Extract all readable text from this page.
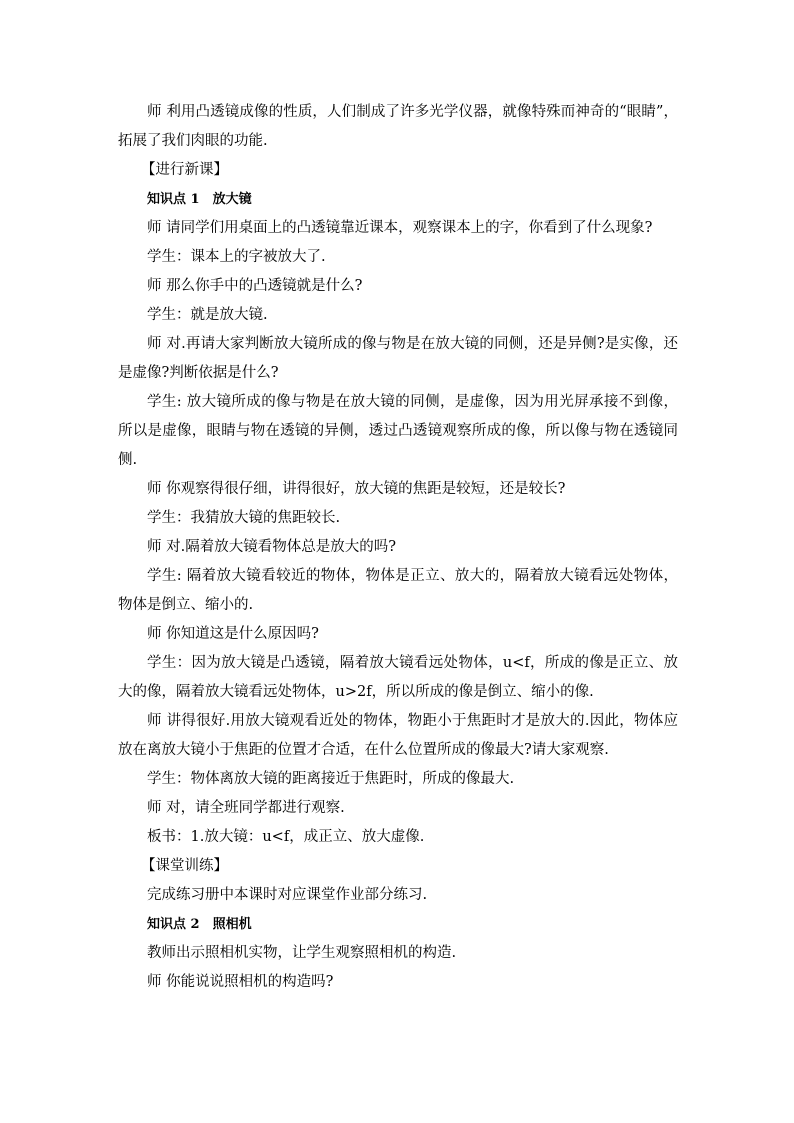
师 利用凸透镜成像的性质，人们制成了许多光学仪器，就像特殊而神奇的“眼睛”，拓展了我们肉眼的功能.

【进行新课】

知识点 1　放大镜

师 请同学们用桌面上的凸透镜靠近课本，观察课本上的字，你看到了什么现象?

学生：课本上的字被放大了.

师 那么你手中的凸透镜就是什么?

学生：就是放大镜.

师 对.再请大家判断放大镜所成的像与物是在放大镜的同侧，还是异侧?是实像，还是虚像?判断依据是什么?

学生: 放大镜所成的像与物是在放大镜的同侧，是虚像，因为用光屏承接不到像，所以是虚像，眼睛与物在透镜的异侧，透过凸透镜观察所成的像，所以像与物在透镜同侧.

师 你观察得很仔细，讲得很好，放大镜的焦距是较短，还是较长?

学生：我猜放大镜的焦距较长.

师 对.隔着放大镜看物体总是放大的吗?

学生: 隔着放大镜看较近的物体，物体是正立、放大的，隔着放大镜看远处物体，物体是倒立、缩小的.

师 你知道这是什么原因吗?

学生：因为放大镜是凸透镜，隔着放大镜看远处物体，u<f，所成的像是正立、放大的像，隔着放大镜看远处物体，u>2f，所以所成的像是倒立、缩小的像.

师 讲得很好.用放大镜观看近处的物体，物距小于焦距时才是放大的.因此，物体应放在离放大镜小于焦距的位置才合适，在什么位置所成的像最大?请大家观察.

学生：物体离放大镜的距离接近于焦距时，所成的像最大.

师 对，请全班同学都进行观察.

板书：1.放大镜：u<f，成正立、放大虚像.

【课堂训练】

完成练习册中本课时对应课堂作业部分练习.

知识点 2　照相机

教师出示照相机实物，让学生观察照相机的构造.

师 你能说说照相机的构造吗?
